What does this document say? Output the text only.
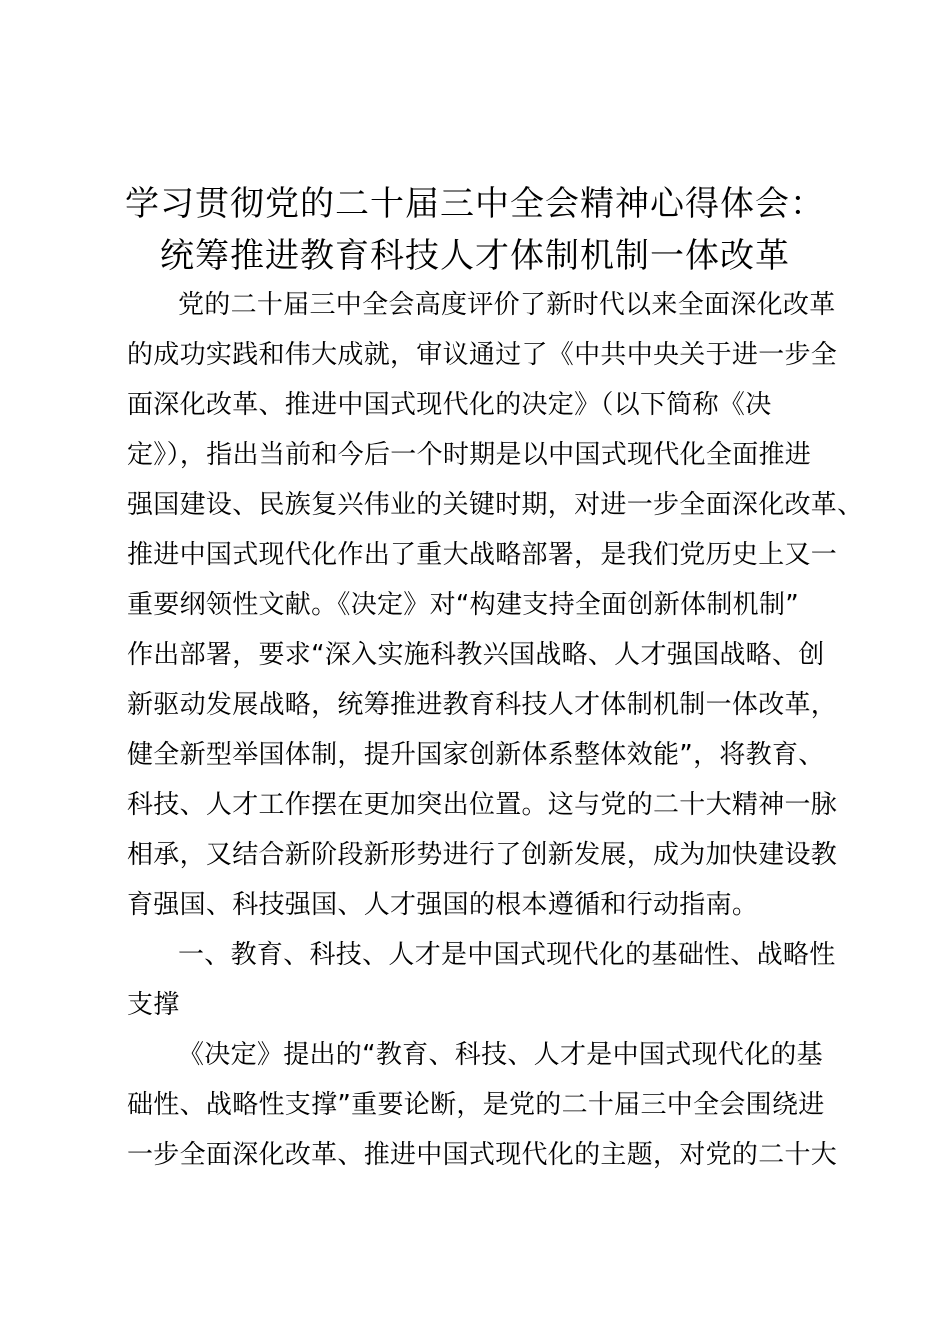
学习贯彻党的二十届三中全会精神心得体会：
统筹推进教育科技人才体制机制一体改革
党的二十届三中全会高度评价了新时代以来全面深化改革
的成功实践和伟大成就，审议通过了《中共中央关于进一步全
面深化改革、推进中国式现代化的决定》（以下简称《决
定》），指出当前和今后一个时期是以中国式现代化全面推进
强国建设、民族复兴伟业的关键时期，对进一步全面深化改革、
推进中国式现代化作出了重大战略部署，是我们党历史上又一
重要纲领性文献。《决定》对“构建支持全面创新体制机制”
作出部署，要求“深入实施科教兴国战略、人才强国战略、创
新驱动发展战略，统筹推进教育科技人才体制机制一体改革，
健全新型举国体制，提升国家创新体系整体效能”，将教育、
科技、人才工作摆在更加突出位置。这与党的二十大精神一脉
相承，又结合新阶段新形势进行了创新发展，成为加快建设教
育强国、科技强国、人才强国的根本遵循和行动指南。
一、教育、科技、人才是中国式现代化的基础性、战略性
支撑
《决定》提出的“教育、科技、人才是中国式现代化的基
础性、战略性支撑”重要论断，是党的二十届三中全会围绕进
一步全面深化改革、推进中国式现代化的主题，对党的二十大
